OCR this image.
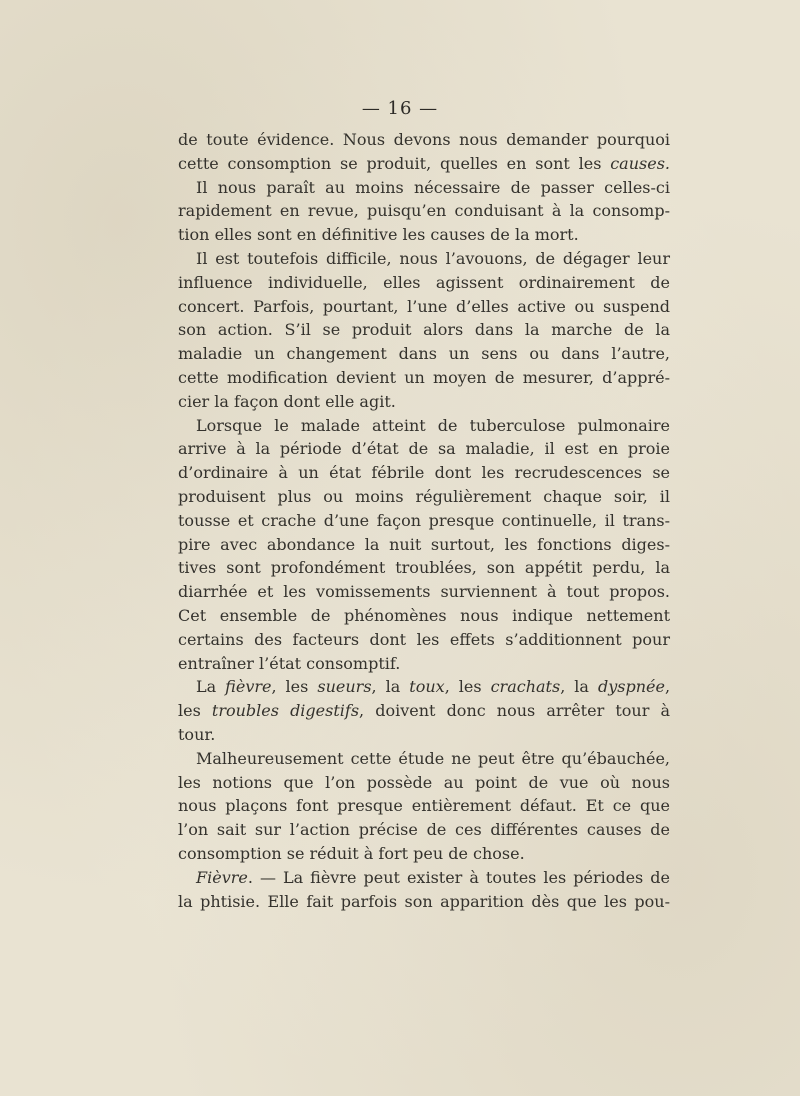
— 16 —
de toute évidence. Nous devons nous demander pourquoi
cette consomption se produit, quelles en sont les causes.
Il nous paraît au moins nécessaire de passer celles-ci
rapidement en revue, puisqu’en conduisant à la consomp-
tion elles sont en définitive les causes de la mort.
Il est toutefois difficile, nous l’avouons, de dégager leur
influence individuelle, elles agissent ordinairement de
concert. Parfois, pourtant, l’une d’elles active ou suspend
son action. S’il se produit alors dans la marche de la
maladie un changement dans un sens ou dans l’autre,
cette modification devient un moyen de mesurer, d’appré-
cier la façon dont elle agit.
Lorsque le malade atteint de tuberculose pulmonaire
arrive à la période d’état de sa maladie, il est en proie
d’ordinaire à un état fébrile dont les recrudescences se
produisent plus ou moins régulièrement chaque soir, il
tousse et crache d’une façon presque continuelle, il trans-
pire avec abondance la nuit surtout, les fonctions diges-
tives sont profondément troublées, son appétit perdu, la
diarrhée et les vomissements surviennent à tout propos.
Cet ensemble de phénomènes nous indique nettement
certains des facteurs dont les effets s’additionnent pour
entraîner l’état consomptif.
La fièvre, les sueurs, la toux, les crachats, la dyspnée,
les troubles digestifs, doivent donc nous arrêter tour à
tour.
Malheureusement cette étude ne peut être qu’ébauchée,
les notions que l’on possède au point de vue où nous
nous plaçons font presque entièrement défaut. Et ce que
l’on sait sur l’action précise de ces différentes causes de
consomption se réduit à fort peu de chose.
Fièvre. — La fièvre peut exister à toutes les périodes de
la phtisie. Elle fait parfois son apparition dès que les pou-
